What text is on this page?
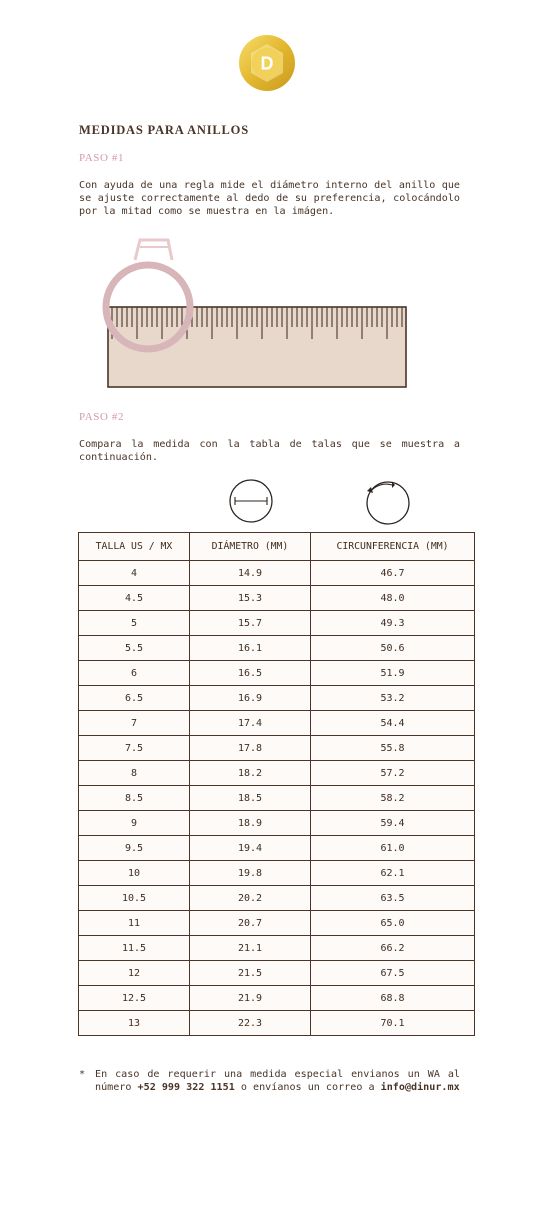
D
MEDIDAS PARA ANILLOS
PASO #1

Con ayuda de una regla mide el diámetro interno del anillo que se ajuste correctamente al dedo de su preferencia, colocándolo por la mitad como se muestra en la imágen.

PASO #2

Compara la medida con la tabla de talas que se muestra a continuación.

TALLA US / MX	DIÁMETRO (MM)	CIRCUNFERENCIA (MM)
4	14.9	46.7
4.5	15.3	48.0
5	15.7	49.3
5.5	16.1	50.6
6	16.5	51.9
6.5	16.9	53.2
7	17.4	54.4
7.5	17.8	55.8
8	18.2	57.2
8.5	18.5	58.2
9	18.9	59.4
9.5	19.4	61.0
10	19.8	62.1
10.5	20.2	63.5
11	20.7	65.0
11.5	21.1	66.2
12	21.5	67.5
12.5	21.9	68.8
13	22.3	70.1
* En caso de requerir una medida especial envianos un WA al número +52 999 322 1151 o envíanos un correo a info@dinur.mx
